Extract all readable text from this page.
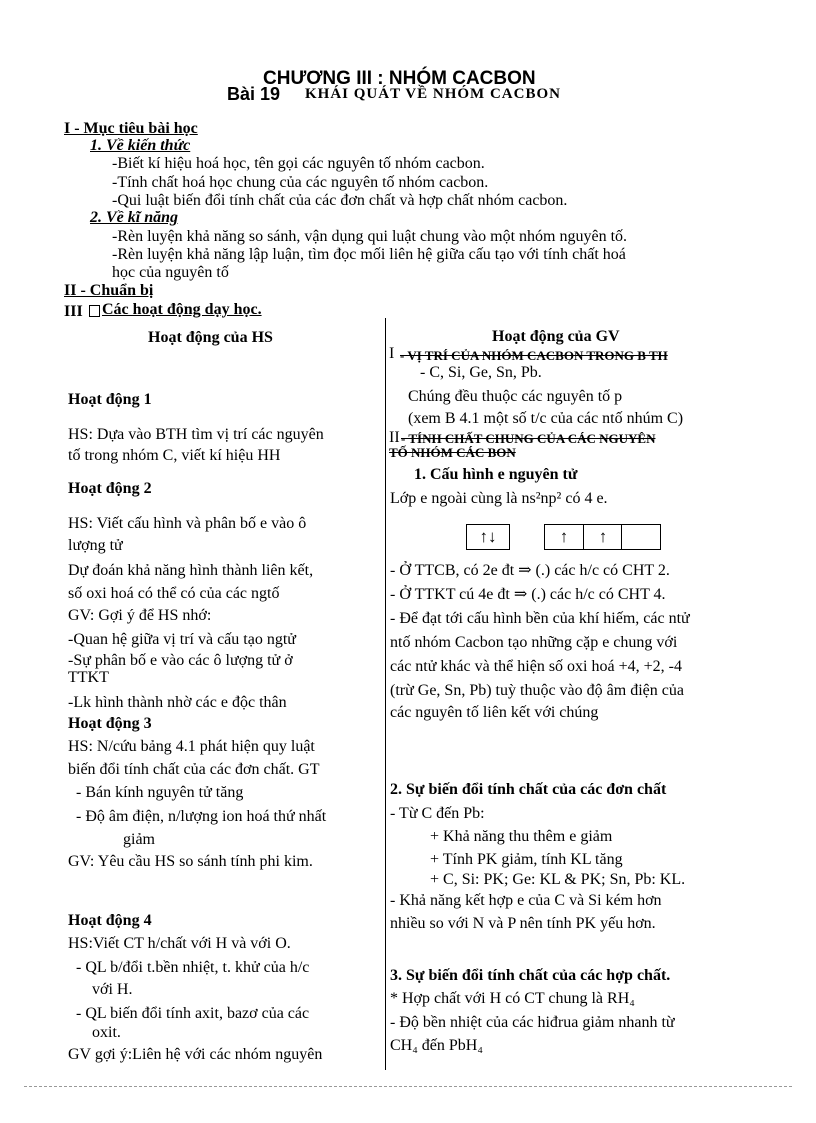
CHƯƠNG III : NHÓM CACBON
Bài 19 KHÁI QUÁT VỀ NHÓM CACBON
I - Mục tiêu bài học
1. Về kiến thức
-Biết kí hiệu hoá học, tên gọi các nguyên tố nhóm cacbon.
-Tính chất hoá học chung của các nguyên tố nhóm cacbon.
-Qui luật biến đổi tính chất của các đơn chất và hợp chất nhóm cacbon.
2. Về kĩ năng
-Rèn luyện khả năng so sánh, vận dụng qui luật chung vào một nhóm nguyên tố.
-Rèn luyện khả năng lập luận, tìm đọc mối liên hệ giữa cấu tạo với tính chất hoá
học của nguyên tố
II - Chuẩn bị
III Các hoạt động dạy học.
Hoạt động của HS
Hoạt động 1
HS: Dựa vào BTH tìm vị trí các nguyên
tố trong nhóm C, viết kí hiệu HH
Hoạt động 2
HS: Viết cấu hình và phân bố e vào ô
lượng tử
Dự đoán khả năng hình thành liên kết,
số oxi hoá có thể có của các ngtố
GV: Gợi ý để HS nhớ:
-Quan hệ giữa vị trí và cấu tạo ngtử
-Sự phân bố e vào các ô lượng tử ở
TTKT
-Lk hình thành nhờ các e độc thân
Hoạt động 3
HS: N/cứu bảng 4.1 phát hiện quy luật
biến đổi tính chất của các đơn chất. GT
- Bán kính nguyên tử tăng
- Độ âm điện, n/lượng ion hoá thứ nhất
giảm
GV: Yêu cầu HS so sánh tính phi kim.
Hoạt động 4
HS:Viết CT h/chất với H và với O.
- QL b/đổi t.bền nhiệt, t. khử của h/c
với H.
- QL biến đổi tính axit, bazơ của các
oxit.
GV gợi ý:Liên hệ với các nhóm nguyên
Hoạt động của GV
I - VỊ TRÍ CỦA NHÓM CACBON TRONG B TH
- C, Si, Ge, Sn, Pb.
Chúng đều thuộc các nguyên tố p
(xem B 4.1 một số t/c của các ntố nhúm C)
II - TÍNH CHẤT CHUNG CỦA CÁC NGUYÊN
TỐ NHÓM CÁC BON
1. Cấu hình e nguyên tử
Lớp e ngoài cùng là ns²np² có 4 e.
↑↓	↑	↑
- Ở TTCB, có 2e đt ⇒ (.) các h/c có CHT 2.
- Ở TTKT cú 4e đt ⇒ (.) các h/c có CHT 4.
- Để đạt tới cấu hình bền của khí hiếm, các ntử
ntố nhóm Cacbon tạo những cặp e chung với
các ntử khác và thể hiện số oxi hoá +4, +2, -4
(trừ Ge, Sn, Pb) tuỳ thuộc vào độ âm điện của
các nguyên tố liên kết với chúng
2. Sự biến đổi tính chất của các đơn chất
- Từ C đến Pb:
+ Khả năng thu thêm e giảm
+ Tính PK giảm, tính KL tăng
+ C, Si: PK; Ge: KL & PK; Sn, Pb: KL.
- Khả năng kết hợp e của C và Si kém hơn
nhiều so với N và P nên tính PK yếu hơn.
3. Sự biến đổi tính chất của các hợp chất.
* Hợp chất với H có CT chung là RH₄
- Độ bền nhiệt của các hiđrua giảm nhanh từ
CH₄ đến PbH₄
